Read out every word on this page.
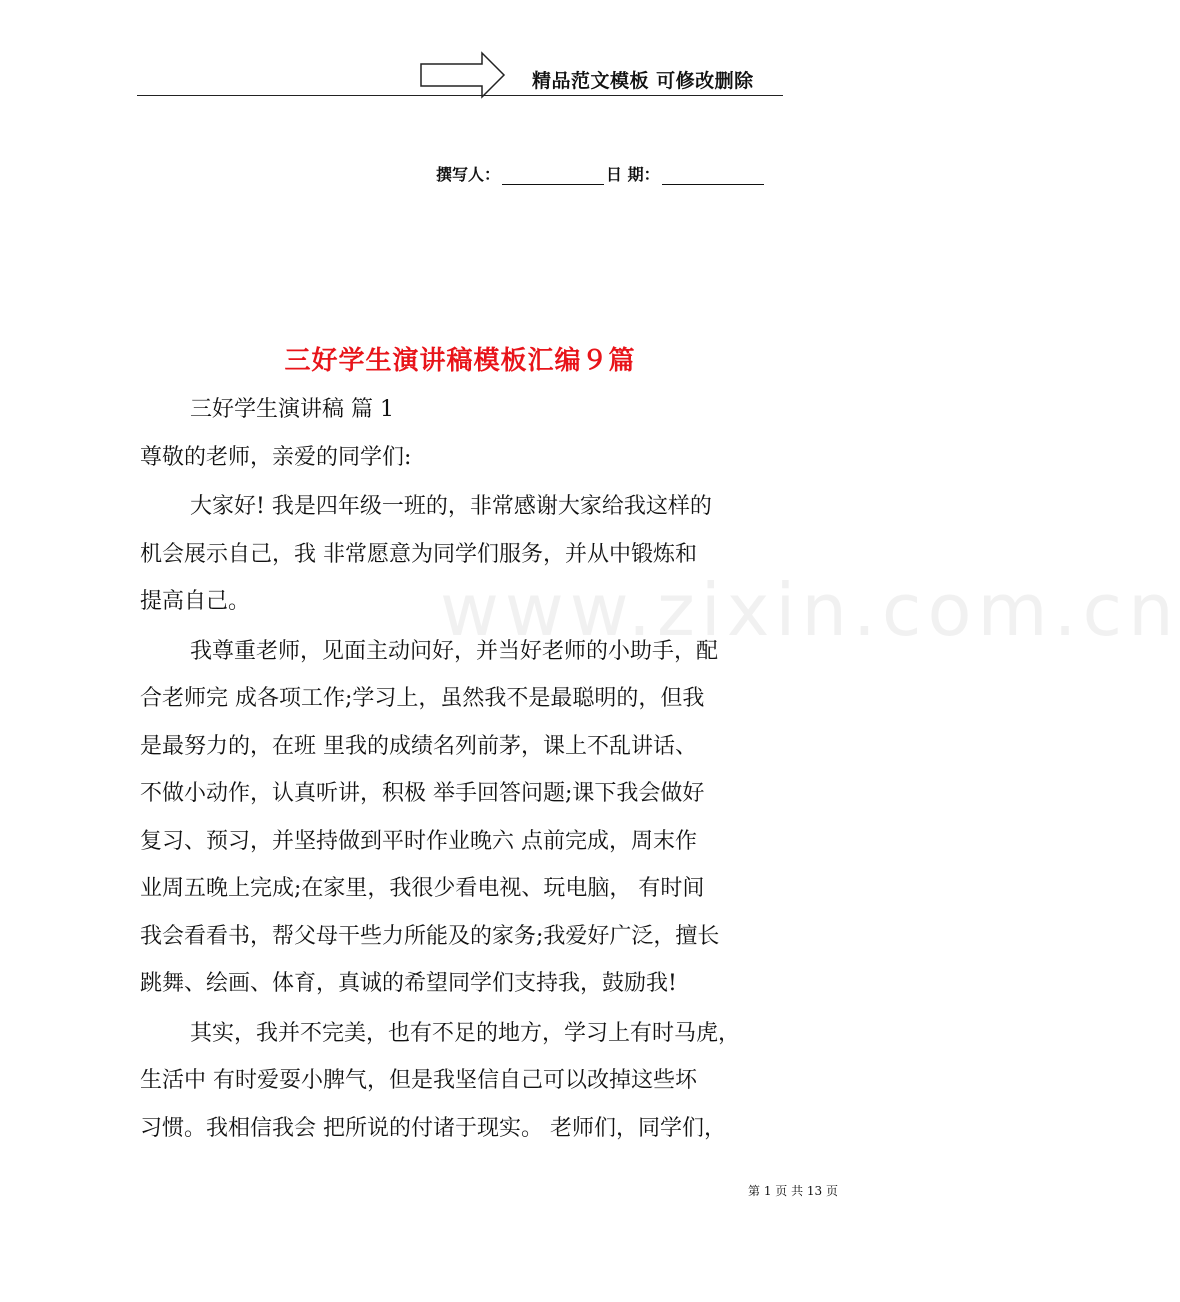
精品范文模板 可修改删除
撰写人：	日 期：
www.zixin.com.cn
三好学生演讲稿模板汇编９篇
三好学生演讲稿 篇 1
尊敬的老师，亲爱的同学们:
大家好! 我是四年级一班的，非常感谢大家给我这样的
机会展示自己，我 非常愿意为同学们服务，并从中锻炼和
提高自己。
我尊重老师，见面主动问好，并当好老师的小助手，配
合老师完 成各项工作;学习上，虽然我不是最聪明的，但我
是最努力的，在班 里我的成绩名列前茅，课上不乱讲话、
不做小动作，认真听讲，积极 举手回答问题;课下我会做好
复习、预习，并坚持做到平时作业晚六 点前完成，周末作
业周五晚上完成;在家里，我很少看电视、玩电脑， 有时间
我会看看书，帮父母干些力所能及的家务;我爱好广泛，擅长
跳舞、绘画、体育，真诚的希望同学们支持我，鼓励我!
其实，我并不完美，也有不足的地方，学习上有时马虎，
生活中 有时爱耍小脾气，但是我坚信自己可以改掉这些坏
习惯。我相信我会 把所说的付诸于现实。 老师们，同学们，
第 1 页 共 13 页
